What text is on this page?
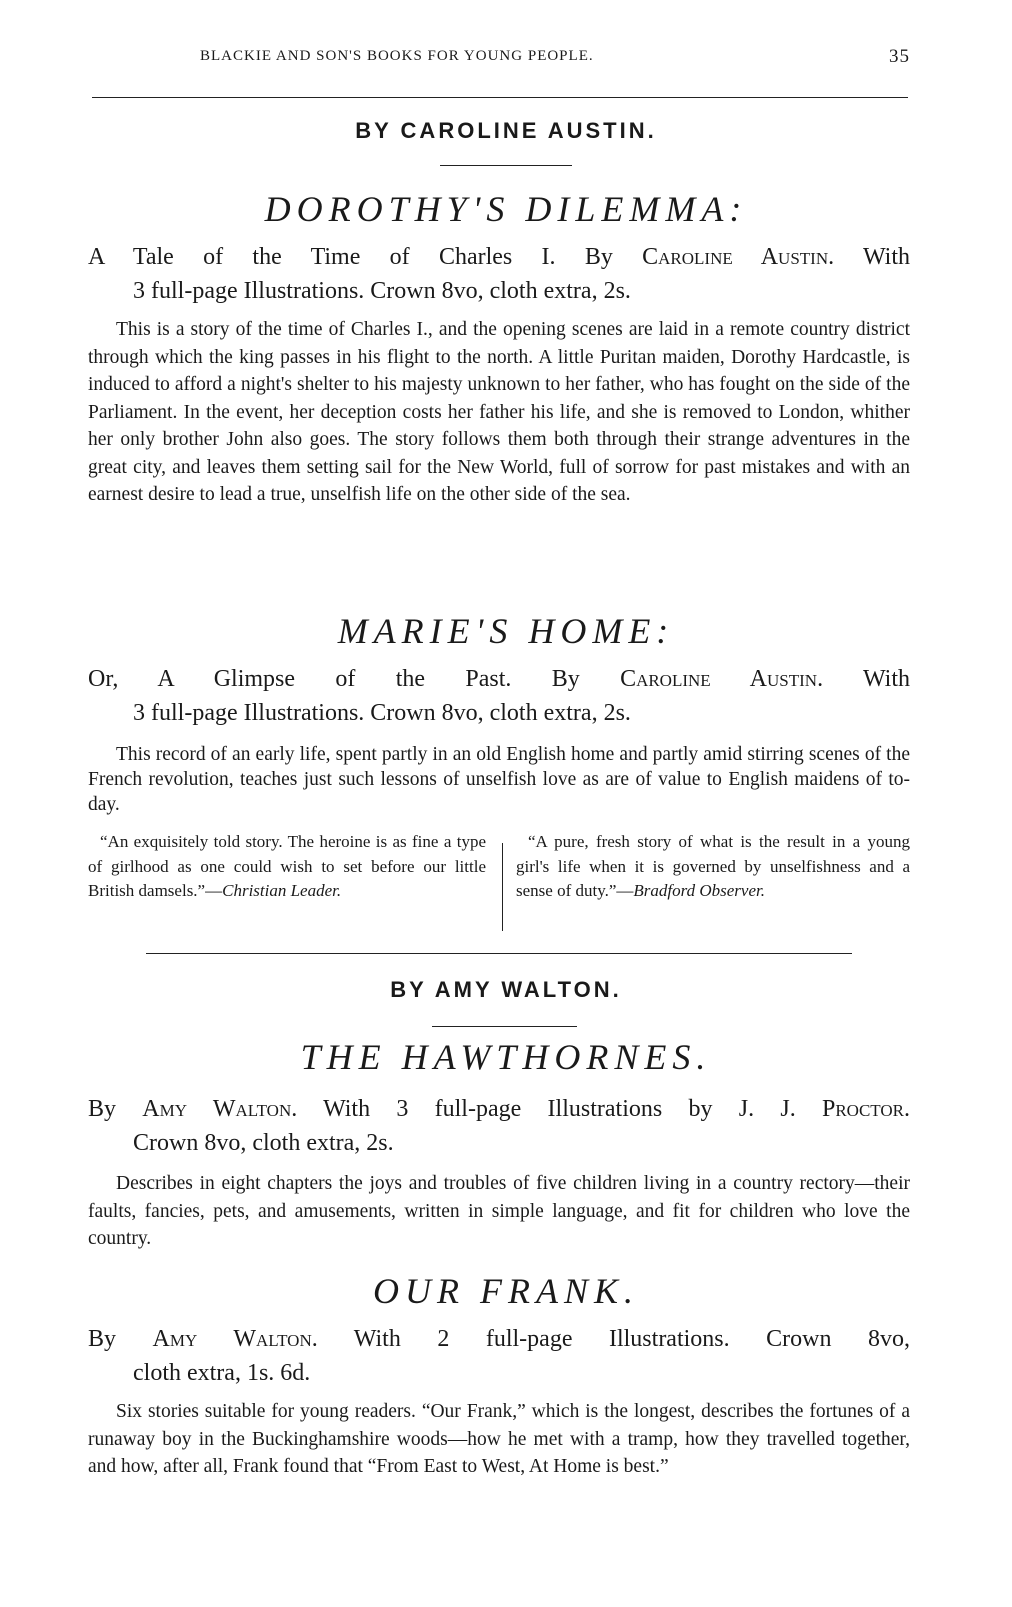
BLACKIE AND SON'S BOOKS FOR YOUNG PEOPLE.	35
BY CAROLINE AUSTIN.
DOROTHY'S DILEMMA:
A Tale of the Time of Charles I. By Caroline Austin. With
3 full-page Illustrations. Crown 8vo, cloth extra, 2s.
This is a story of the time of Charles I., and the opening scenes are laid in a remote country district through which the king passes in his flight to the north. A little Puritan maiden, Dorothy Hardcastle, is induced to afford a night's shelter to his majesty unknown to her father, who has fought on the side of the Parliament. In the event, her deception costs her father his life, and she is removed to London, whither her only brother John also goes. The story follows them both through their strange adventures in the great city, and leaves them setting sail for the New World, full of sorrow for past mistakes and with an earnest desire to lead a true, unselfish life on the other side of the sea.
MARIE'S HOME:
Or, A Glimpse of the Past. By Caroline Austin. With
3 full-page Illustrations. Crown 8vo, cloth extra, 2s.
This record of an early life, spent partly in an old English home and partly amid stirring scenes of the French revolution, teaches just such lessons of unselfish love as are of value to English maidens of to-day.
“An exquisitely told story. The heroine is as fine a type of girlhood as one could wish to set before our little British damsels.”—Christian Leader.
“A pure, fresh story of what is the result in a young girl's life when it is governed by unselfishness and a sense of duty.”—Bradford Observer.
BY AMY WALTON.
THE HAWTHORNES.
By Amy Walton. With 3 full-page Illustrations by J. J. Proctor.
Crown 8vo, cloth extra, 2s.
Describes in eight chapters the joys and troubles of five children living in a country rectory—their faults, fancies, pets, and amusements, written in simple language, and fit for children who love the country.
OUR FRANK.
By Amy Walton. With 2 full-page Illustrations. Crown 8vo,
cloth extra, 1s. 6d.
Six stories suitable for young readers. “Our Frank,” which is the longest, describes the fortunes of a runaway boy in the Buckinghamshire woods—how he met with a tramp, how they travelled together, and how, after all, Frank found that “From East to West, At Home is best.”
